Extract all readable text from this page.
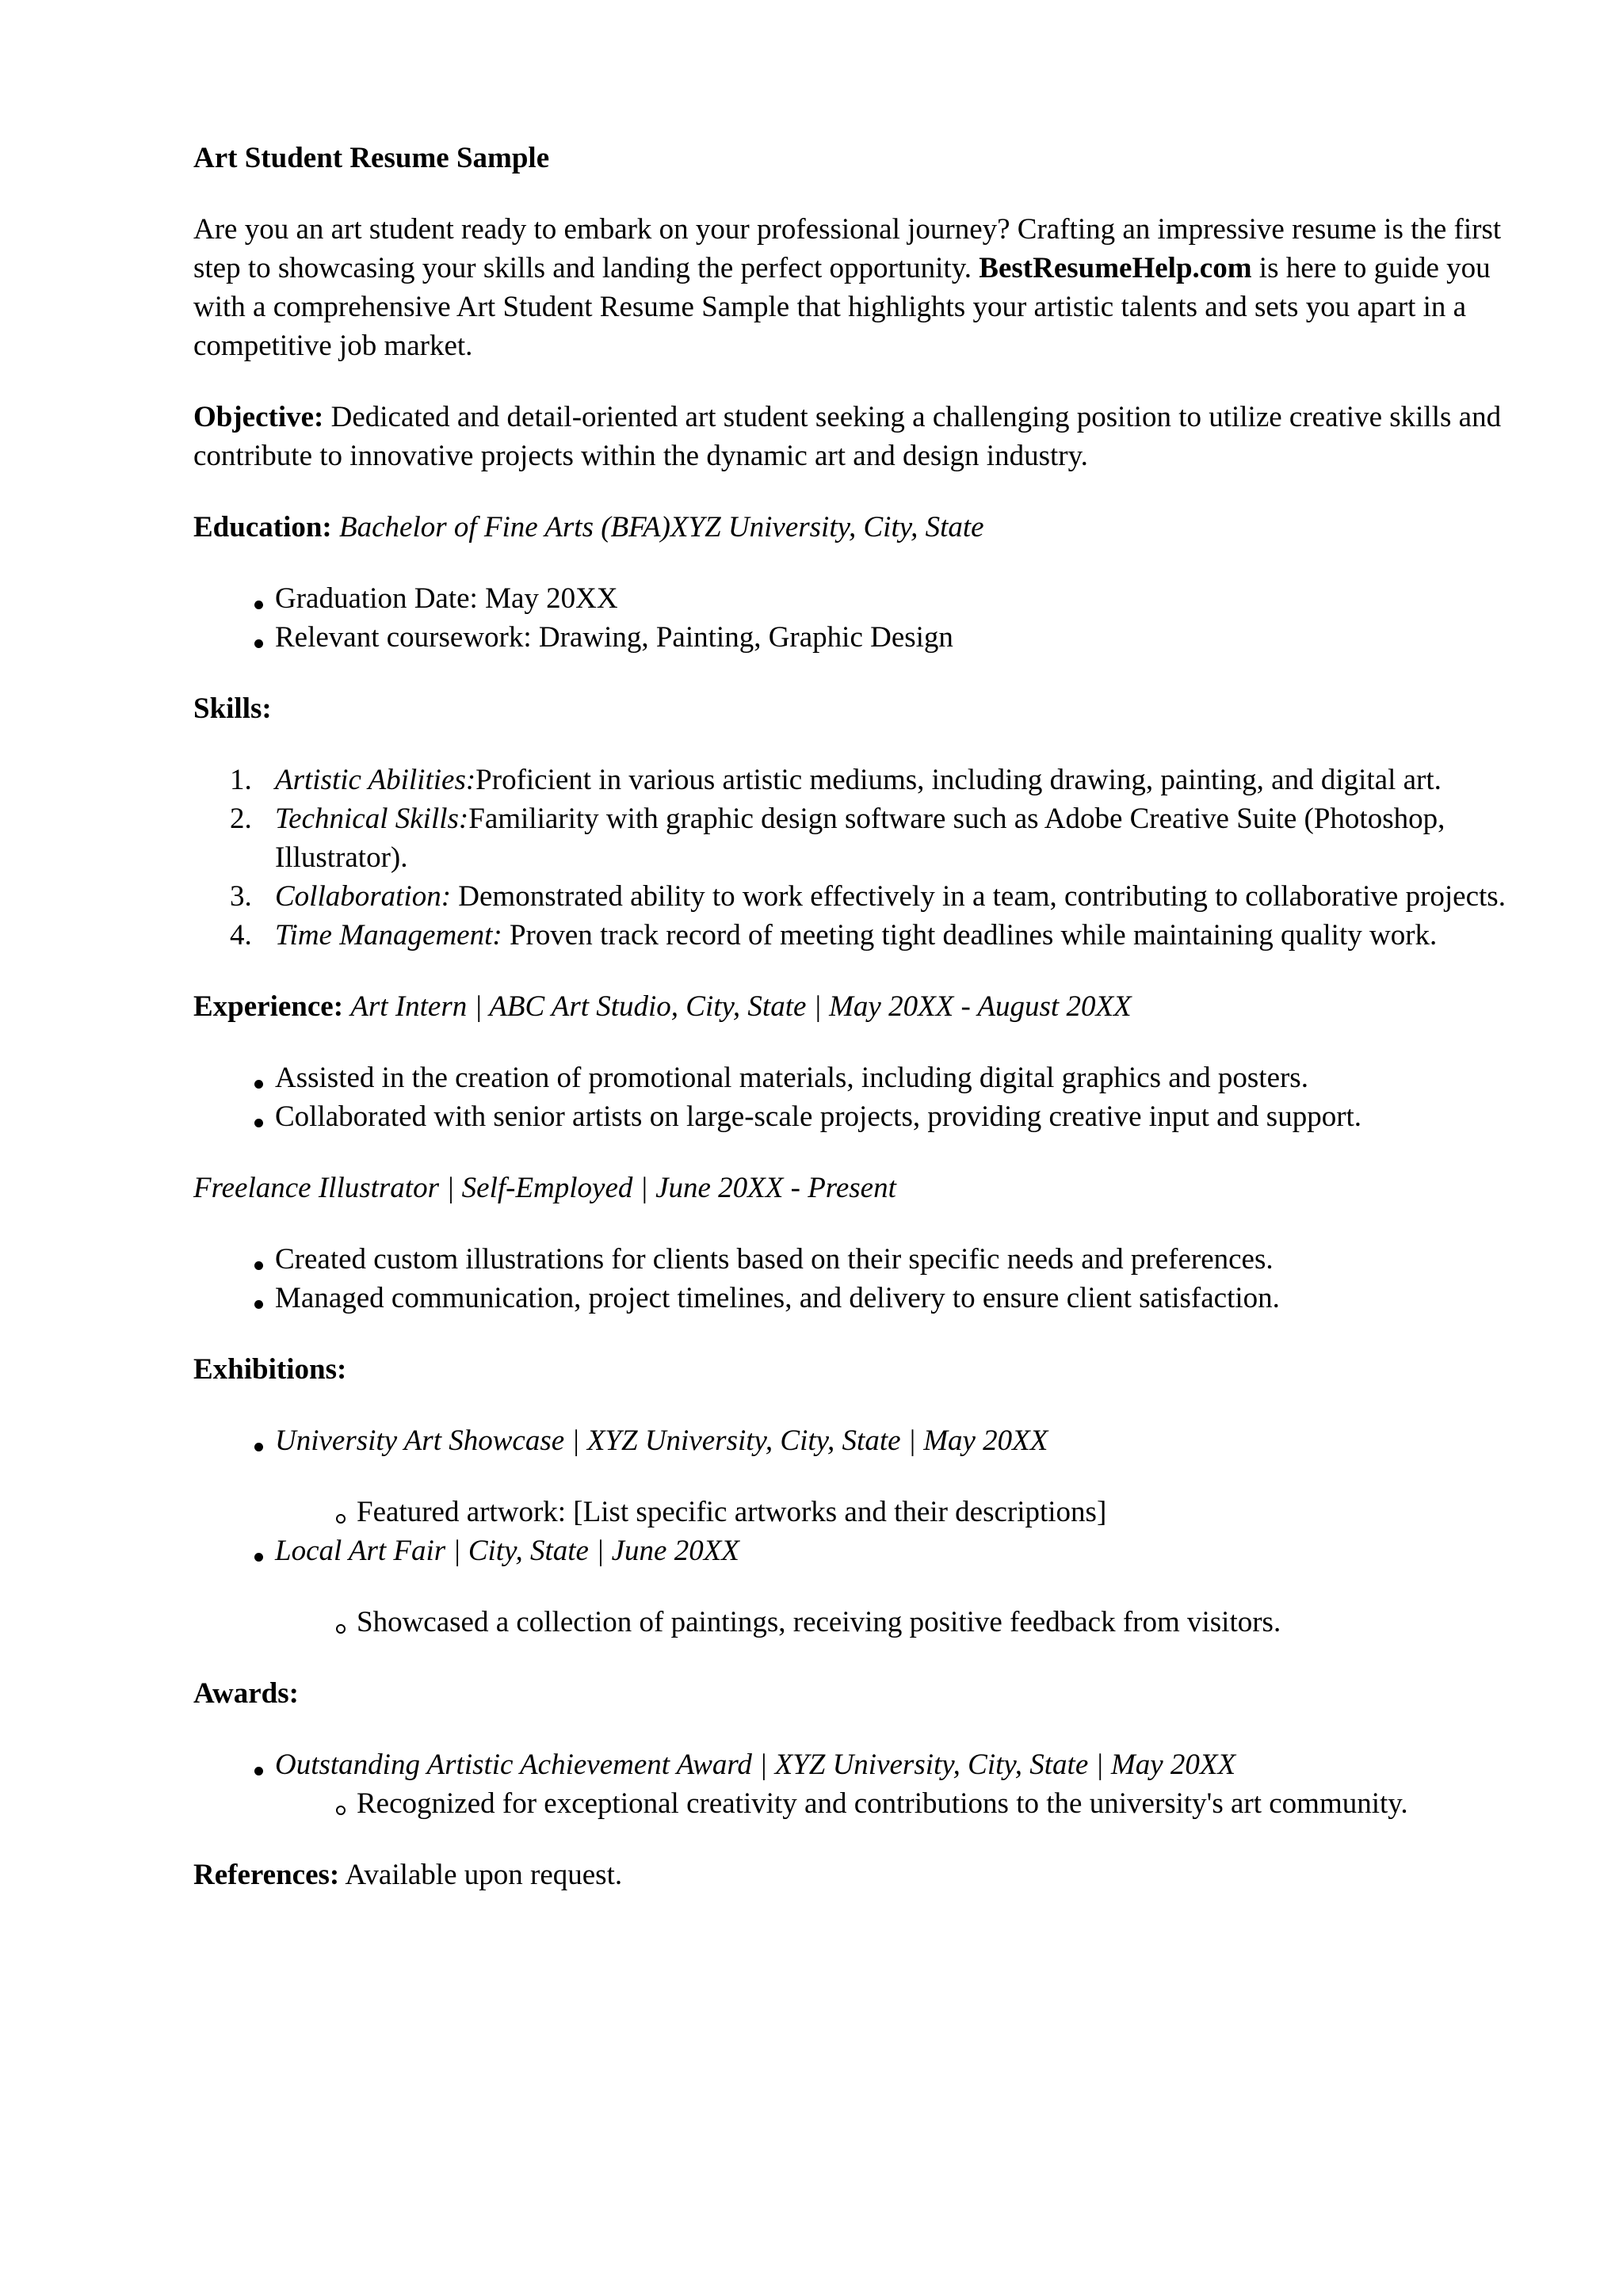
Art Student Resume Sample

Are you an art student ready to embark on your professional journey? Crafting an impressive resume is the first step to showcasing your skills and landing the perfect opportunity. BestResumeHelp.com is here to guide you with a comprehensive Art Student Resume Sample that highlights your artistic talents and sets you apart in a competitive job market.

Objective: Dedicated and detail-oriented art student seeking a challenging position to utilize creative skills and contribute to innovative projects within the dynamic art and design industry.

Education: Bachelor of Fine Arts (BFA)XYZ University, City, State

Graduation Date: May 20XX
Relevant coursework: Drawing, Painting, Graphic Design

Skills:

1. Artistic Abilities:Proficient in various artistic mediums, including drawing, painting, and digital art.
2. Technical Skills:Familiarity with graphic design software such as Adobe Creative Suite (Photoshop, Illustrator).
3. Collaboration: Demonstrated ability to work effectively in a team, contributing to collaborative projects.
4. Time Management: Proven track record of meeting tight deadlines while maintaining quality work.

Experience: Art Intern | ABC Art Studio, City, State | May 20XX - August 20XX

Assisted in the creation of promotional materials, including digital graphics and posters.
Collaborated with senior artists on large-scale projects, providing creative input and support.

Freelance Illustrator | Self-Employed | June 20XX - Present

Created custom illustrations for clients based on their specific needs and preferences.
Managed communication, project timelines, and delivery to ensure client satisfaction.

Exhibitions:

University Art Showcase | XYZ University, City, State | May 20XX
Featured artwork: [List specific artworks and their descriptions]
Local Art Fair | City, State | June 20XX
Showcased a collection of paintings, receiving positive feedback from visitors.

Awards:

Outstanding Artistic Achievement Award | XYZ University, City, State | May 20XX
Recognized for exceptional creativity and contributions to the university's art community.

References: Available upon request.
